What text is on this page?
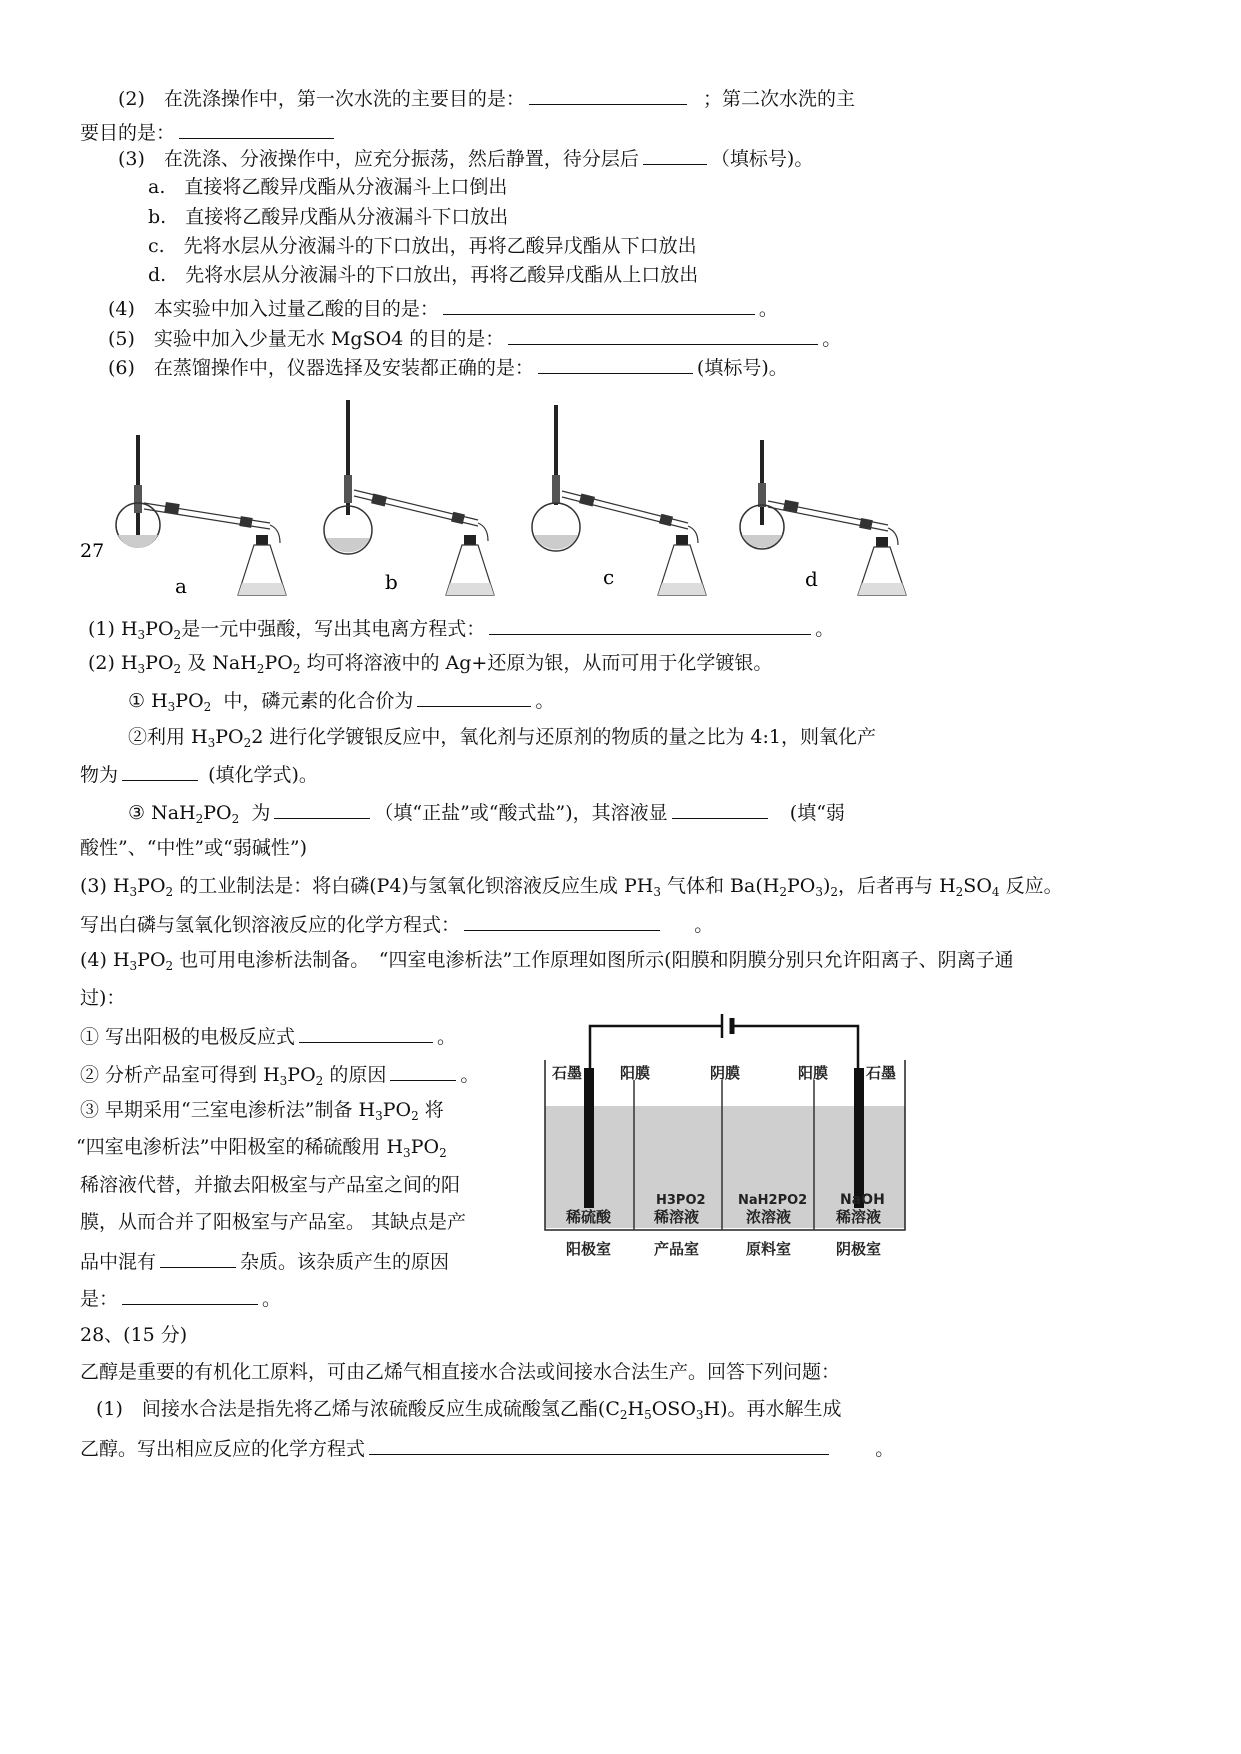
(2)　在洗涤操作中，第一次水洗的主要目的是：	；第二次水洗的主
要目的是：
(3)　在洗涤、分液操作中，应充分振荡，然后静置，待分层后	（填标号)。
a.　直接将乙酸异戊酯从分液漏斗上口倒出
b.　直接将乙酸异戊酯从分液漏斗下口放出
c.　先将水层从分液漏斗的下口放出，再将乙酸异戊酯从下口放出
d.　先将水层从分液漏斗的下口放出，再将乙酸异戊酯从上口放出
(4)　本实验中加入过量乙酸的目的是：	。
(5)　实验中加入少量无水 MgSO4 的目的是：	。
(6)　在蒸馏操作中，仪器选择及安装都正确的是：	(填标号)。
27
a	b	c	d
(1) $H_3PO_2$是一元中强酸，写出其电离方程式：	。
(2) $H_3PO_2$ 及 $NaH_2PO_2$ 均可将溶液中的 Ag+还原为银，从而可用于化学镀银。
① $H_3PO_2$ 中，磷元素的化合价为	。
②利用 $H_3PO_22$ 进行化学镀银反应中，氧化剂与还原剂的物质的量之比为 4:1，则氧化产
物为	(填化学式)。
③ $NaH_2PO_2$ 为	（填“正盐”或“酸式盐”)，其溶液显	(填“弱
酸性”、“中性”或“弱碱性”)
(3) $H_3PO_2$ 的工业制法是：将白磷(P4)与氢氧化钡溶液反应生成 $PH_3$ 气体和 $Ba(H_2PO_3)_2$，后者再与 $H_2SO_4$ 反应。
写出白磷与氢氧化钡溶液反应的化学方程式：	。
(4) $H_3PO_2$ 也可用电渗析法制备。　“四室电渗析法”工作原理如图所示(阳膜和阴膜分别只允许阳离子、阴离子通
过)：
① 写出阳极的电极反应式	。
② 分析产品室可得到 $H_3PO_2$ 的原因	。
③ 早期采用“三室电渗析法”制备 $H_3PO_2$ 将
“四室电渗析法”中阳极室的稀硫酸用 $H_3PO_2$
稀溶液代替，并撤去阳极室与产品室之间的阳
膜，从而合并了阳极室与产品室。 其缺点是产
品中混有	杂质。该杂质产生的原因
是：	。
石墨	阳膜	阴膜	阳膜	石墨
稀硫酸
H3PO2
稀溶液
NaH2PO2
浓溶液
NaOH
稀溶液
阳极室	产品室	原料室	阴极室
28、(15 分)
乙醇是重要的有机化工原料，可由乙烯气相直接水合法或间接水合法生产。回答下列问题：
(1)　间接水合法是指先将乙烯与浓硫酸反应生成硫酸氢乙酯$(C_2H_5OSO_3H)$。再水解生成
乙醇。写出相应反应的化学方程式	。
